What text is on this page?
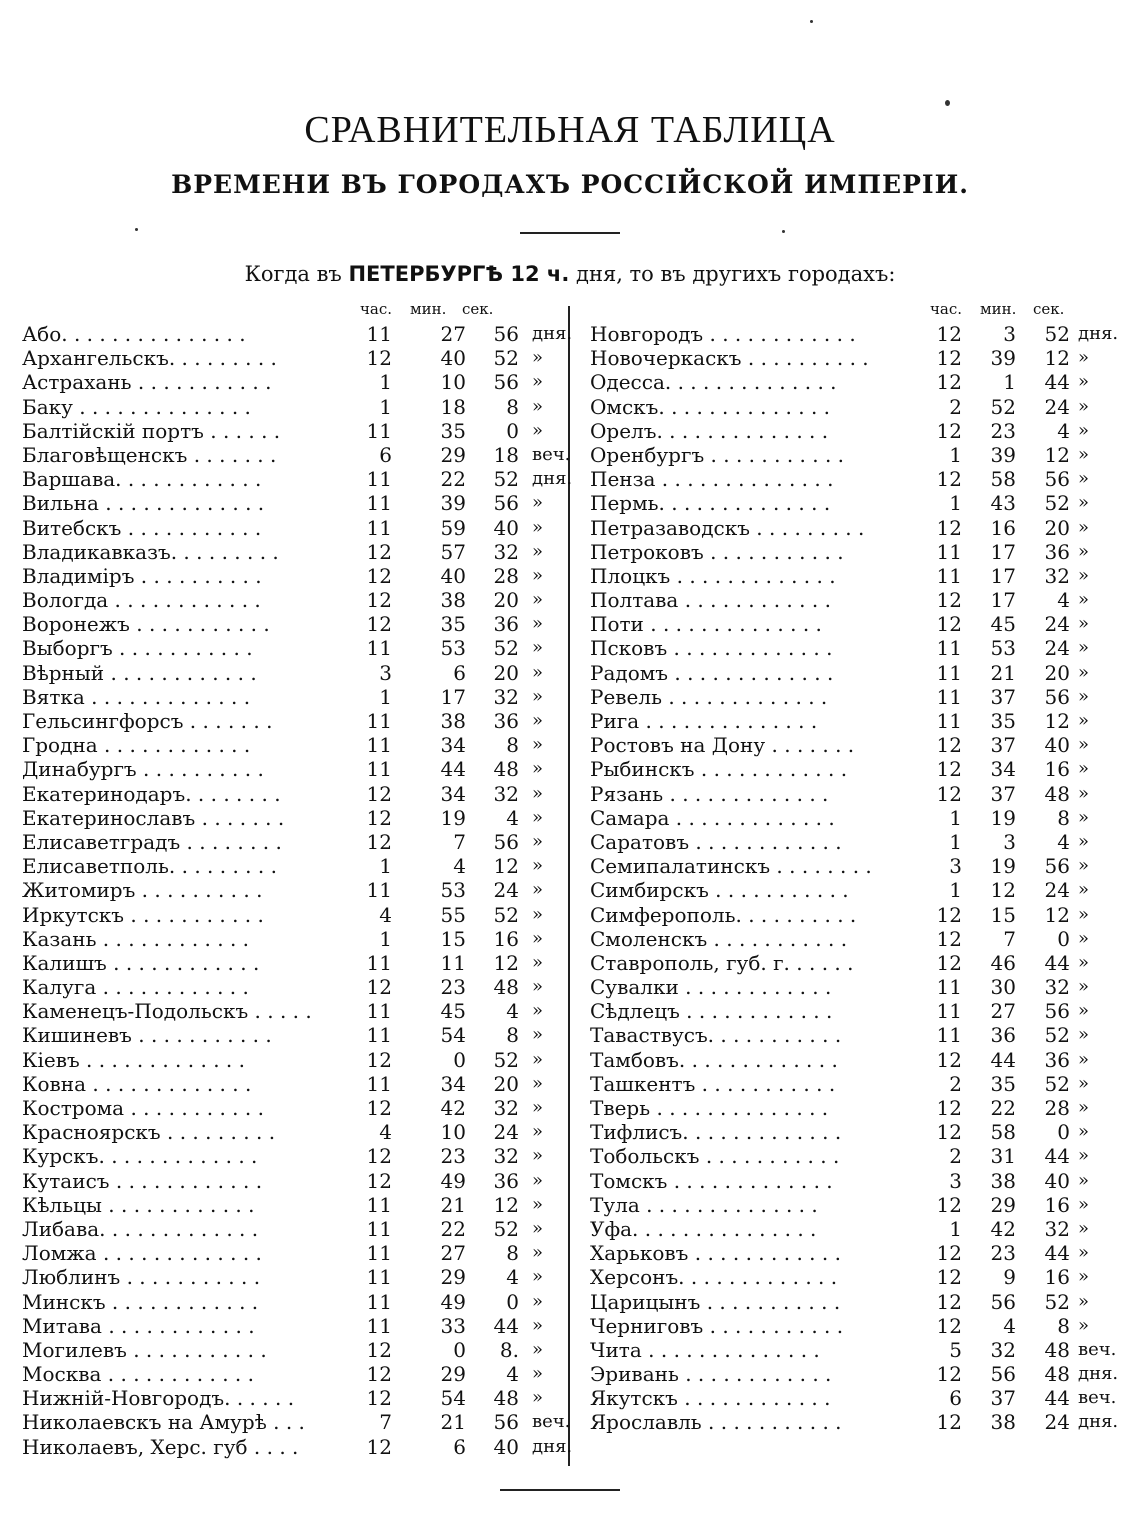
СРАВНИТЕЛЬНАЯ ТАБЛИЦА
ВРЕМЕНИ ВЪ ГОРОДАХЪ РОССІЙСКОЙ ИМПЕРІИ.
Когда въ ПЕТЕРБУРГѢ 12 ч. дня, то въ другихъ городахъ:
час. мин. сек.	час. мин. сек.
Або. . . . . . . . . . . . . . .	11 27 56 дня.
Архангельскъ. . . . . . . . .	12 40 52 »
Астрахань . . . . . . . . . . .	1 10 56 »
Баку . . . . . . . . . . . . . .	1 18 8 »
Балтійскій портъ . . . . . .	11 35 0 »
Благовѣщенскъ . . . . . . .	6 29 18 веч.
Варшава. . . . . . . . . . . .	11 22 52 дня.
Вильна . . . . . . . . . . . . .	11 39 56 »
Витебскъ . . . . . . . . . . .	11 59 40 »
Владикавказъ. . . . . . . . .	12 57 32 »
Владиміръ . . . . . . . . . .	12 40 28 »
Вологда . . . . . . . . . . . .	12 38 20 »
Воронежъ . . . . . . . . . . .	12 35 36 »
Выборгъ . . . . . . . . . . .	11 53 52 »
Вѣрный . . . . . . . . . . . .	3	6 20 »
Вятка . . . . . . . . . . . . .	1 17 32 »
Гельсингфорсъ . . . . . . .	11 38 36 »
Гродна . . . . . . . . . . . .	11 34 8 »
Динабургъ . . . . . . . . . .	11 44 48 »
Екатеринодаръ. . . . . . . .	12 34 32 »
Екатеринославъ . . . . . . .	12 19 4 »
Елисаветградъ . . . . . . . .	12	7 56 »
Елисаветполь. . . . . . . . .	1	4 12 »
Житомиръ . . . . . . . . . .	11 53 24 »
Иркутскъ . . . . . . . . . . .	4 55 52 »
Казань . . . . . . . . . . . .	1 15 16 »
Калишъ . . . . . . . . . . . .	11 11 12 »
Калуга . . . . . . . . . . . .	12 23 48 »
Каменецъ-Подольскъ . . . . .	11 45 4 »
Кишиневъ . . . . . . . . . . .	11 54 8 »
Кіевъ . . . . . . . . . . . . .	12	0 52 »
Ковна . . . . . . . . . . . . .	11 34 20 »
Кострома . . . . . . . . . . .	12 42 32 »
Красноярскъ . . . . . . . . .	4 10 24 »
Курскъ. . . . . . . . . . . . .	12 23 32 »
Кутаисъ . . . . . . . . . . . .	12 49 36 »
Кѣльцы . . . . . . . . . . . .	11 21 12 »
Либава. . . . . . . . . . . . .	11 22 52 »
Ломжа . . . . . . . . . . . . .	11 27 8 »
Люблинъ . . . . . . . . . . .	11 29 4 »
Минскъ . . . . . . . . . . . .	11 49 0 »
Митава . . . . . . . . . . . .	11 33 44 »
Могилевъ . . . . . . . . . . .	12	0 8. »
Москва . . . . . . . . . . . .	12 29 4 »
Нижній-Новгородъ. . . . . .	12 54 48 »
Николаевскъ на Амурѣ . . .	7 21 56 веч.
Николаевъ, Херс. губ . . . .	12	6 40 дня.
Новгородъ . . . . . . . . . . . .	12 3 52 дня.
Новочеркаскъ . . . . . . . . . .	12 39 12 »
Одесса. . . . . . . . . . . . . .	12 1 44 »
Омскъ. . . . . . . . . . . . . .	2 52 24 »
Орелъ. . . . . . . . . . . . . .	12 23 4 »
Оренбургъ . . . . . . . . . . .	1 39 12 »
Пенза . . . . . . . . . . . . . .	12 58 56 »
Пермь. . . . . . . . . . . . . .	1 43 52 »
Петразаводскъ . . . . . . . . .	12 16 20 »
Петроковъ . . . . . . . . . . .	11 17 36 »
Плоцкъ . . . . . . . . . . . . .	11 17 32 »
Полтава . . . . . . . . . . . .	12 17 4 »
Поти . . . . . . . . . . . . . .	12 45 24 »
Псковъ . . . . . . . . . . . . .	11 53 24 »
Радомъ . . . . . . . . . . . . .	11 21 20 »
Ревель . . . . . . . . . . . . .	11 37 56 »
Рига . . . . . . . . . . . . . .	11 35 12 »
Ростовъ на Дону . . . . . . .	12 37 40 »
Рыбинскъ . . . . . . . . . . . .	12 34 16 »
Рязань . . . . . . . . . . . . .	12 37 48 »
Самара . . . . . . . . . . . . .	1 19 8 »
Саратовъ . . . . . . . . . . . .	1 3 4 »
Семипалатинскъ . . . . . . . .	3 19 56 »
Симбирскъ . . . . . . . . . . .	1 12 24 »
Симферополь. . . . . . . . . .	12 15 12 »
Смоленскъ . . . . . . . . . . .	12 7 0 »
Ставрополь, губ. г. . . . . .	12 46 44 »
Сувалки . . . . . . . . . . . .	11 30 32 »
Сѣдлецъ . . . . . . . . . . . .	11 27 56 »
Таваствусъ. . . . . . . . . . .	11 36 52 »
Тамбовъ. . . . . . . . . . . . .	12 44 36 »
Ташкентъ . . . . . . . . . . .	2 35 52 »
Тверь . . . . . . . . . . . . . .	12 22 28 »
Тифлисъ. . . . . . . . . . . . .	12 58 0 »
Тобольскъ . . . . . . . . . . .	2 31 44 »
Томскъ . . . . . . . . . . . . .	3 38 40 »
Тула . . . . . . . . . . . . . .	12 29 16 »
Уфа. . . . . . . . . . . . . . .	1 42 32 »
Харьковъ . . . . . . . . . . . .	12 23 44 »
Херсонъ. . . . . . . . . . . . .	12 9 16 »
Царицынъ . . . . . . . . . . .	12 56 52 »
Черниговъ . . . . . . . . . . .	12 4 8 »
Чита . . . . . . . . . . . . . .	5 32 48 веч.
Эривань . . . . . . . . . . . .	12 56 48 дня.
Якутскъ . . . . . . . . . . . .	6 37 44 веч.
Ярославль . . . . . . . . . . .	12 38 24 дня.
